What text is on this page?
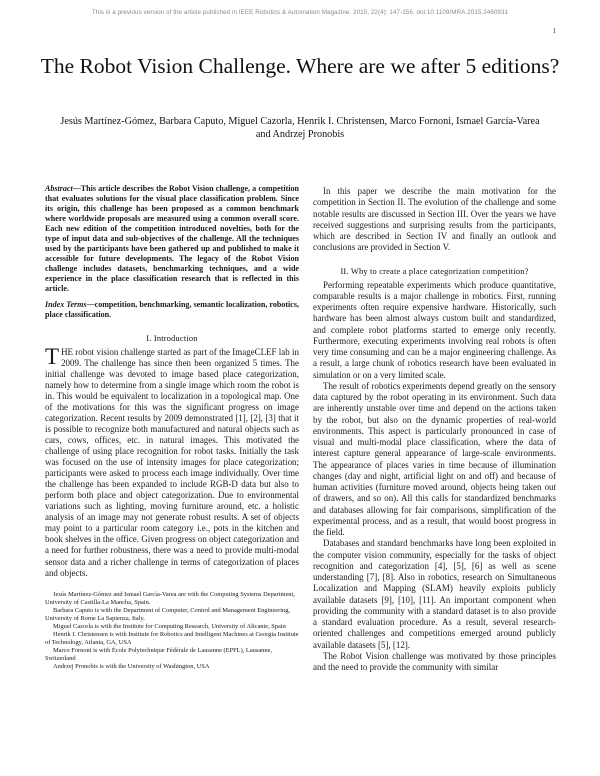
This is a previous version of the article published in IEEE Robotics & Automation Magazine. 2015, 22(4): 147-156. doi:10.1109/MRA.2015.2460931
1
The Robot Vision Challenge. Where are we after 5 editions?
Jesús Martínez-Gómez, Barbara Caputo, Miguel Cazorla, Henrik I. Christensen, Marco Fornoni, Ismael García-Varea and Andrzej Pronobis

Abstract—This article describes the Robot Vision challenge, a competition that evaluates solutions for the visual place classification problem. Since its origin, this challenge has been proposed as a common benchmark where worldwide proposals are measured using a common overall score. Each new edition of the competition introduced novelties, both for the type of input data and sub-objectives of the challenge. All the techniques used by the participants have been gathered up and published to make it accessible for future developments. The legacy of the Robot Vision challenge includes datasets, benchmarking techniques, and a wide experience in the place classification research that is reflected in this article.

Index Terms—competition, benchmarking, semantic localization, robotics, place classification.

I. Introduction

THE robot vision challenge started as part of the ImageCLEF lab in 2009. The challenge has since then been organized 5 times. The initial challenge was devoted to image based place categorization, namely how to determine from a single image which room the robot is in. This would be equivalent to localization in a topological map. One of the motivations for this was the significant progress on image categorization. Recent results by 2009 demonstrated [1], [2], [3] that it is possible to recognize both manufactured and natural objects such as cars, cows, offices, etc. in natural images. This motivated the challenge of using place recognition for robot tasks. Initially the task was focused on the use of intensity images for place categorization; participants were asked to process each image individually. Over time the challenge has been expanded to include RGB-D data but also to perform both place and object categorization. Due to environmental variations such as lighting, moving furniture around, etc. a holistic analysis of an image may not generate robust results. A set of objects may point to a particular room category i.e., pots in the kitchen and book shelves in the office. Given progress on object categorization and a need for further robustness, there was a need to provide multi-modal sensor data and a richer challenge in terms of categorization of places and objects.

Jesús Martínez-Gómez and Ismael García-Varea are with the Computing Systems Department, University of Castilla-La Mancha, Spain.

Barbara Caputo is with the Department of Computer, Control and Management Engineering, University of Rome La Sapienza, Italy.

Miguel Cazorla is with the Institute for Computing Research, University of Alicante, Spain

Henrik I. Christensen is with Institute for Robotics and Intelligent Machines at Georgia Institute of Technology, Atlanta, GA, USA

Marco Fornoni is with École Polytechnique Fédérale de Lausanne (EPFL), Lausanne, Switzerland

Andrzej Pronobis is with the University of Washington, USA

In this paper we describe the main motivation for the competition in Section II. The evolution of the challenge and some notable results are discussed in Section III. Over the years we have received suggestions and surprising results from the participants, which are described in Section IV and finally an outlook and conclusions are provided in Section V.

II. Why to create a place categorization competition?

Performing repeatable experiments which produce quantitative, comparable results is a major challenge in robotics. First, running experiments often require expensive hardware. Historically, such hardware has been almost always custom built and standardized, and complete robot platforms started to emerge only recently. Furthermore, executing experiments involving real robots is often very time consuming and can be a major engineering challenge. As a result, a large chunk of robotics research have been evaluated in simulation or on a very limited scale.

The result of robotics experiments depend greatly on the sensory data captured by the robot operating in its environment. Such data are inherently unstable over time and depend on the actions taken by the robot, but also on the dynamic properties of real-world environments. This aspect is particularly pronounced in case of visual and multi-modal place classification, where the data of interest capture general appearance of large-scale environments. The appearance of places varies in time because of illumination changes (day and night, artificial light on and off) and because of human activities (furniture moved around, objects being taken out of drawers, and so on). All this calls for standardized benchmarks and databases allowing for fair comparisons, simplification of the experimental process, and as a result, that would boost progress in the field.

Databases and standard benchmarks have long been exploited in the computer vision community, especially for the tasks of object recognition and categorization [4], [5], [6] as well as scene understanding [7], [8]. Also in robotics, research on Simultaneous Localization and Mapping (SLAM) heavily exploits publicly available datasets [9], [10], [11]. An important component when providing the community with a standard dataset is to also provide a standard evaluation procedure. As a result, several research-oriented challenges and competitions emerged around publicly available datasets [5], [12].

The Robot Vision challenge was motivated by those principles and the need to provide the community with similar
